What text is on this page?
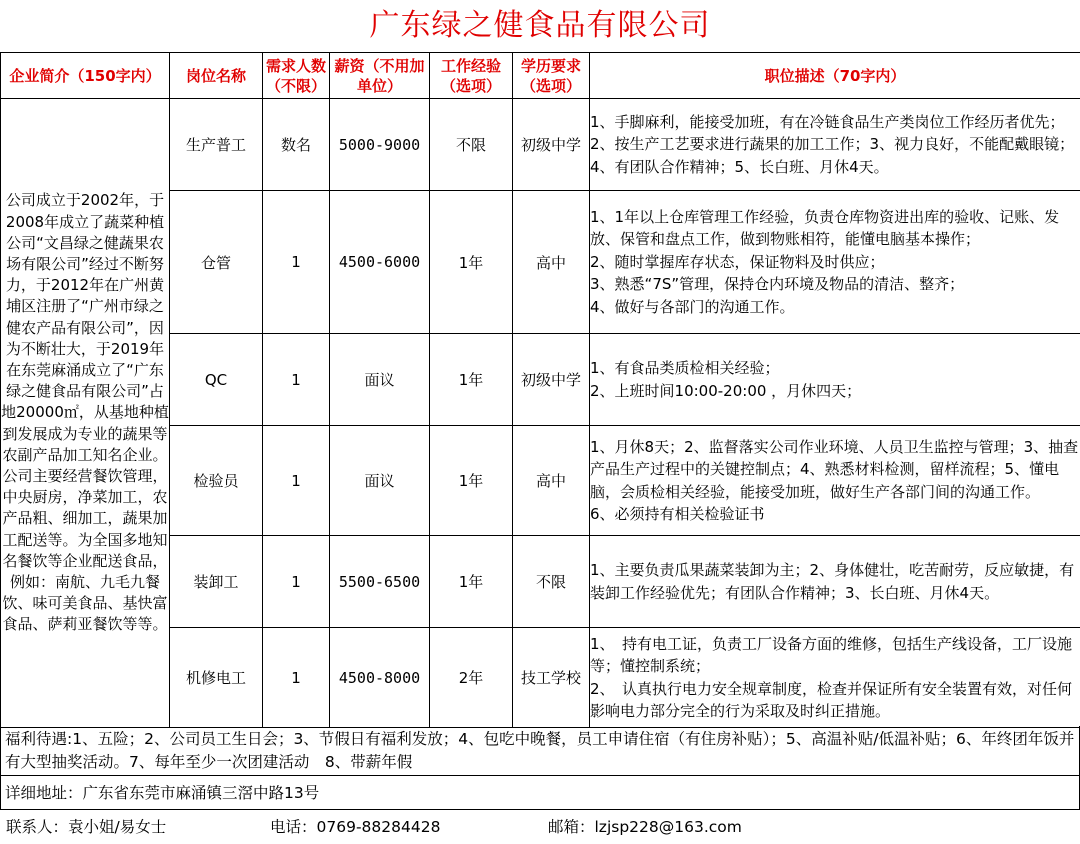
广东绿之健食品有限公司
企业简介（150字内）	岗位名称	需求人数（不限）	薪资（不用加单位）	工作经验（选项）	学历要求（选项）	职位描述（70字内）

公司成立于2002年，于2008年成立了蔬菜种植公司“文昌绿之健蔬果农场有限公司”经过不断努力，于2012年在广州黄埔区注册了“广州市绿之健农产品有限公司”，因为不断壮大，于2019年在东莞麻涌成立了“广东绿之健食品有限公司”占地20000㎡，从基地种植到发展成为专业的蔬果等农副产品加工知名企业。公司主要经营餐饮管理，中央厨房，净菜加工，农产品粗、细加工，蔬果加工配送等。为全国多地知名餐饮等企业配送食品，例如：南航、九毛九餐饮、味可美食品、基快富食品、萨莉亚餐饮等等。	生产普工	数名	5000-9000	不限	初级中学	1、手脚麻利，能接受加班，有在冷链食品生产类岗位工作经历者优先；2、按生产工艺要求进行蔬果的加工工作；3、视力良好，不能配戴眼镜；4、有团队合作精神；5、长白班、月休4天。

	仓管	1	4500-6000	1年	高中	1、1年以上仓库管理工作经验，负责仓库物资进出库的验收、记账、发放、保管和盘点工作，做到物账相符，能懂电脑基本操作；
2、随时掌握库存状态，保证物料及时供应；
3、熟悉“7S”管理，保持仓内环境及物品的清洁、整齐；
4、做好与各部门的沟通工作。

	QC	1	面议	1年	初级中学	1、有食品类质检相关经验；
2、上班时间10:00-20:00 ，月休四天；

	检验员	1	面议	1年	高中	1、月休8天；2、监督落实公司作业环境、人员卫生监控与管理；3、抽查产品生产过程中的关键控制点；4、熟悉材料检测，留样流程；5、懂电脑，会质检相关经验，能接受加班，做好生产各部门间的沟通工作。　　　6、必须持有相关检验证书

	装卸工	1	5500-6500	1年	不限	1、主要负责瓜果蔬菜装卸为主；2、身体健壮，吃苦耐劳，反应敏捷，有装卸工作经验优先；有团队合作精神；3、长白班、月休4天。

	机修电工	1	4500-8000	2年	技工学校	1、　持有电工证，负责工厂设备方面的维修，包括生产线设备，工厂设施等；懂控制系统；
2、　认真执行电力安全规章制度，检查并保证所有安全装置有效，对任何影响电力部分完全的行为采取及时纠正措施。
福利待遇:1、五险；2、公司员工生日会；3、节假日有福利发放；4、包吃中晚餐，员工申请住宿（有住房补贴）；5、高温补贴/低温补贴；6、年终团年饭并有大型抽奖活动。7、每年至少一次团建活动　8、带薪年假
详细地址：广东省东莞市麻涌镇三滘中路13号
联系人：袁小姐/易女士	电话：0769-88284428	邮箱：lzjsp228@163.com
